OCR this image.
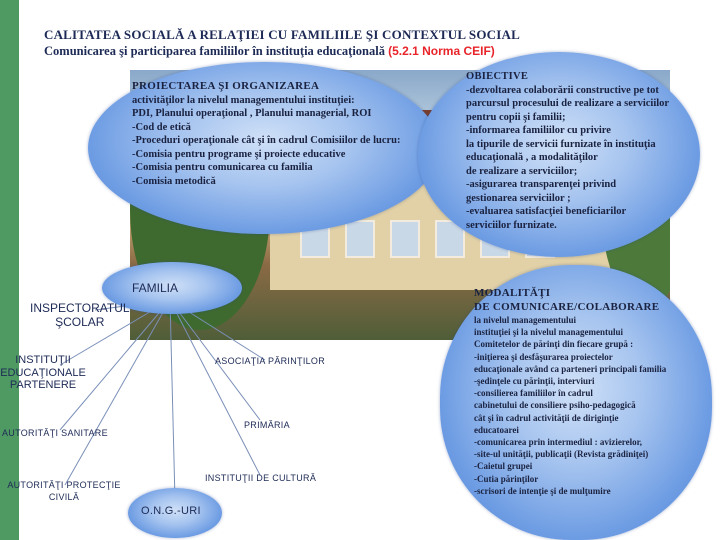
CALITATEA SOCIALĂ A RELAŢIEI CU FAMILIILE ŞI CONTEXTUL SOCIAL
Comunicarea şi participarea familiilor în instituţia educaţională (5.2.1 Norma CEIF)
PROIECTAREA ŞI ORGANIZAREA
activităţilor la nivelul managementului instituţiei:
PDI, Planului operaţional , Planului managerial, ROI
-Cod de etică
-Proceduri operaţionale cât şi în cadrul Comisiilor de lucru:
-Comisia pentru programe şi proiecte educative
-Comisia pentru comunicarea cu familia
-Comisia metodică
OBIECTIVE
-dezvoltarea colaborării constructive pe tot
parcursul procesului de realizare a serviciilor
pentru copii şi familii;
-informarea familiilor cu privire
la tipurile de servicii furnizate în instituţia
educaţională , a modalităţilor
de realizare a serviciilor;
-asigurarea transparenţei privind
gestionarea serviciilor ;
-evaluarea satisfacţiei beneficiarilor
serviciilor furnizate.
MODALITĂŢI
DE COMUNICARE/COLABORARE
la nivelul managementului
instituţiei şi la nivelul managementului
Comitetelor de părinţi din fiecare grupă :
-iniţierea şi desfăşurarea proiectelor
educaţionale având ca parteneri principali familia
-şedinţele cu părinţii, interviuri
-consilierea familiilor în cadrul
cabinetului de consiliere psiho-pedagogică
cât şi în cadrul activităţii de diriginţie
educatoarei
-comunicarea prin intermediul : avizierelor,
-site-ul unităţii, publicaţii (Revista grădiniţei)
-Caietul grupei
-Cutia părinţilor
-scrisori de intenţie şi de mulţumire
FAMILIA
INSPECTORATUL
ŞCOLAR
INSTITUŢII
EDUCAŢIONALE
PARTENERE
ASOCIAŢIA PĂRINŢILOR
PRIMĂRIA
AUTORITĂŢI SANITARE
INSTITUŢII DE CULTURĂ
AUTORITĂŢI PROTECŢIE
CIVILĂ
O.N.G.-URI
